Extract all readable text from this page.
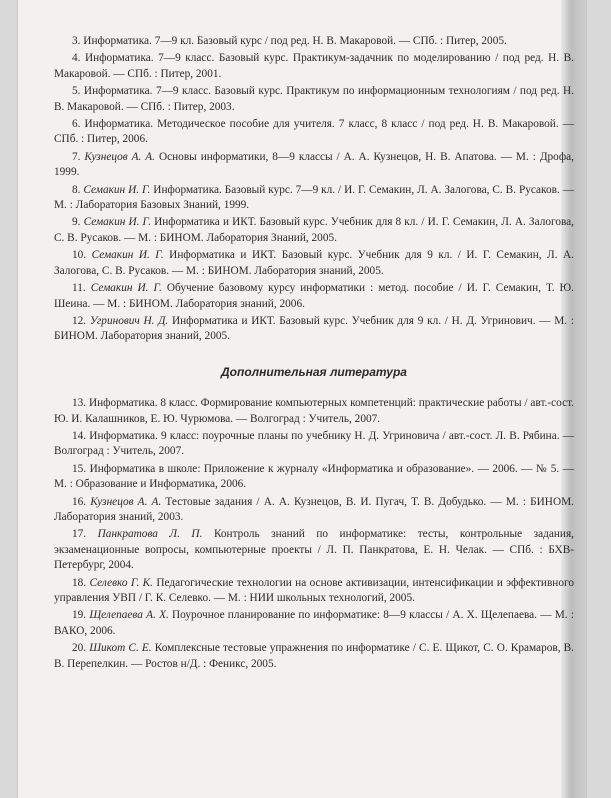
3. Информатика. 7—9 кл. Базовый курс / под ред. Н. В. Макаровой. — СПб. : Питер, 2005.

4. Информатика. 7—9 класс. Базовый курс. Практикум-задачник по моделированию / под ред. Н. В. Макаровой. — СПб. : Питер, 2001.

5. Информатика. 7—9 класс. Базовый курс. Практикум по информационным технологиям / под ред. Н. В. Макаровой. — СПб. : Питер, 2003.

6. Информатика. Методическое пособие для учителя. 7 класс, 8 класс / под ред. Н. В. Макаровой. — СПб. : Питер, 2006.

7. Кузнецов А. А. Основы информатики, 8—9 классы / А. А. Кузнецов, Н. В. Апатова. — М. : Дрофа, 1999.

8. Семакин И. Г. Информатика. Базовый курс. 7—9 кл. / И. Г. Семакин, Л. А. Залогова, С. В. Русаков. — М. : Лаборатория Базовых Знаний, 1999.

9. Семакин И. Г. Информатика и ИКТ. Базовый курс. Учебник для 8 кл. / И. Г. Семакин, Л. А. Залогова, С. В. Русаков. — М. : БИНОМ. Лаборатория Знаний, 2005.

10. Семакин И. Г. Информатика и ИКТ. Базовый курс. Учебник для 9 кл. / И. Г. Семакин, Л. А. Залогова, С. В. Русаков. — М. : БИНОМ. Лаборатория знаний, 2005.

11. Семакин И. Г. Обучение базовому курсу информатики : метод. пособие / И. Г. Семакин, Т. Ю. Шеина. — М. : БИНОМ. Лаборатория знаний, 2006.

12. Угринович Н. Д. Информатика и ИКТ. Базовый курс. Учебник для 9 кл. / Н. Д. Угринович. — М. : БИНОМ. Лаборатория знаний, 2005.

Дополнительная литература

13. Информатика. 8 класс. Формирование компьютерных компетенций: практические работы / авт.-сост. Ю. И. Калашников, Е. Ю. Чурюмова. — Волгоград : Учитель, 2007.

14. Информатика. 9 класс: поурочные планы по учебнику Н. Д. Угриновича / авт.-сост. Л. В. Рябина. — Волгоград : Учитель, 2007.

15. Информатика в школе: Приложение к журналу «Информатика и образование». — 2006. — № 5. — М. : Образование и Информатика, 2006.

16. Кузнецов А. А. Тестовые задания / А. А. Кузнецов, В. И. Пугач, Т. В. Добудько. — М. : БИНОМ. Лаборатория знаний, 2003.

17. Панкратова Л. П. Контроль знаний по информатике: тесты, контрольные задания, экзаменационные вопросы, компьютерные проекты / Л. П. Панкратова, Е. Н. Челак. — СПб. : БХВ-Петербург, 2004.

18. Селевко Г. К. Педагогические технологии на основе активизации, интенсификации и эффективного управления УВП / Г. К. Селевко. — М. : НИИ школьных технологий, 2005.

19. Щелепаева А. Х. Поурочное планирование по информатике: 8—9 классы / А. Х. Щелепаева. — М. : ВАКО, 2006.

20. Шикот С. Е. Комплексные тестовые упражнения по информатике / С. Е. Щикот, С. О. Крамаров, В. В. Перепелкин. — Ростов н/Д. : Феникс, 2005.
